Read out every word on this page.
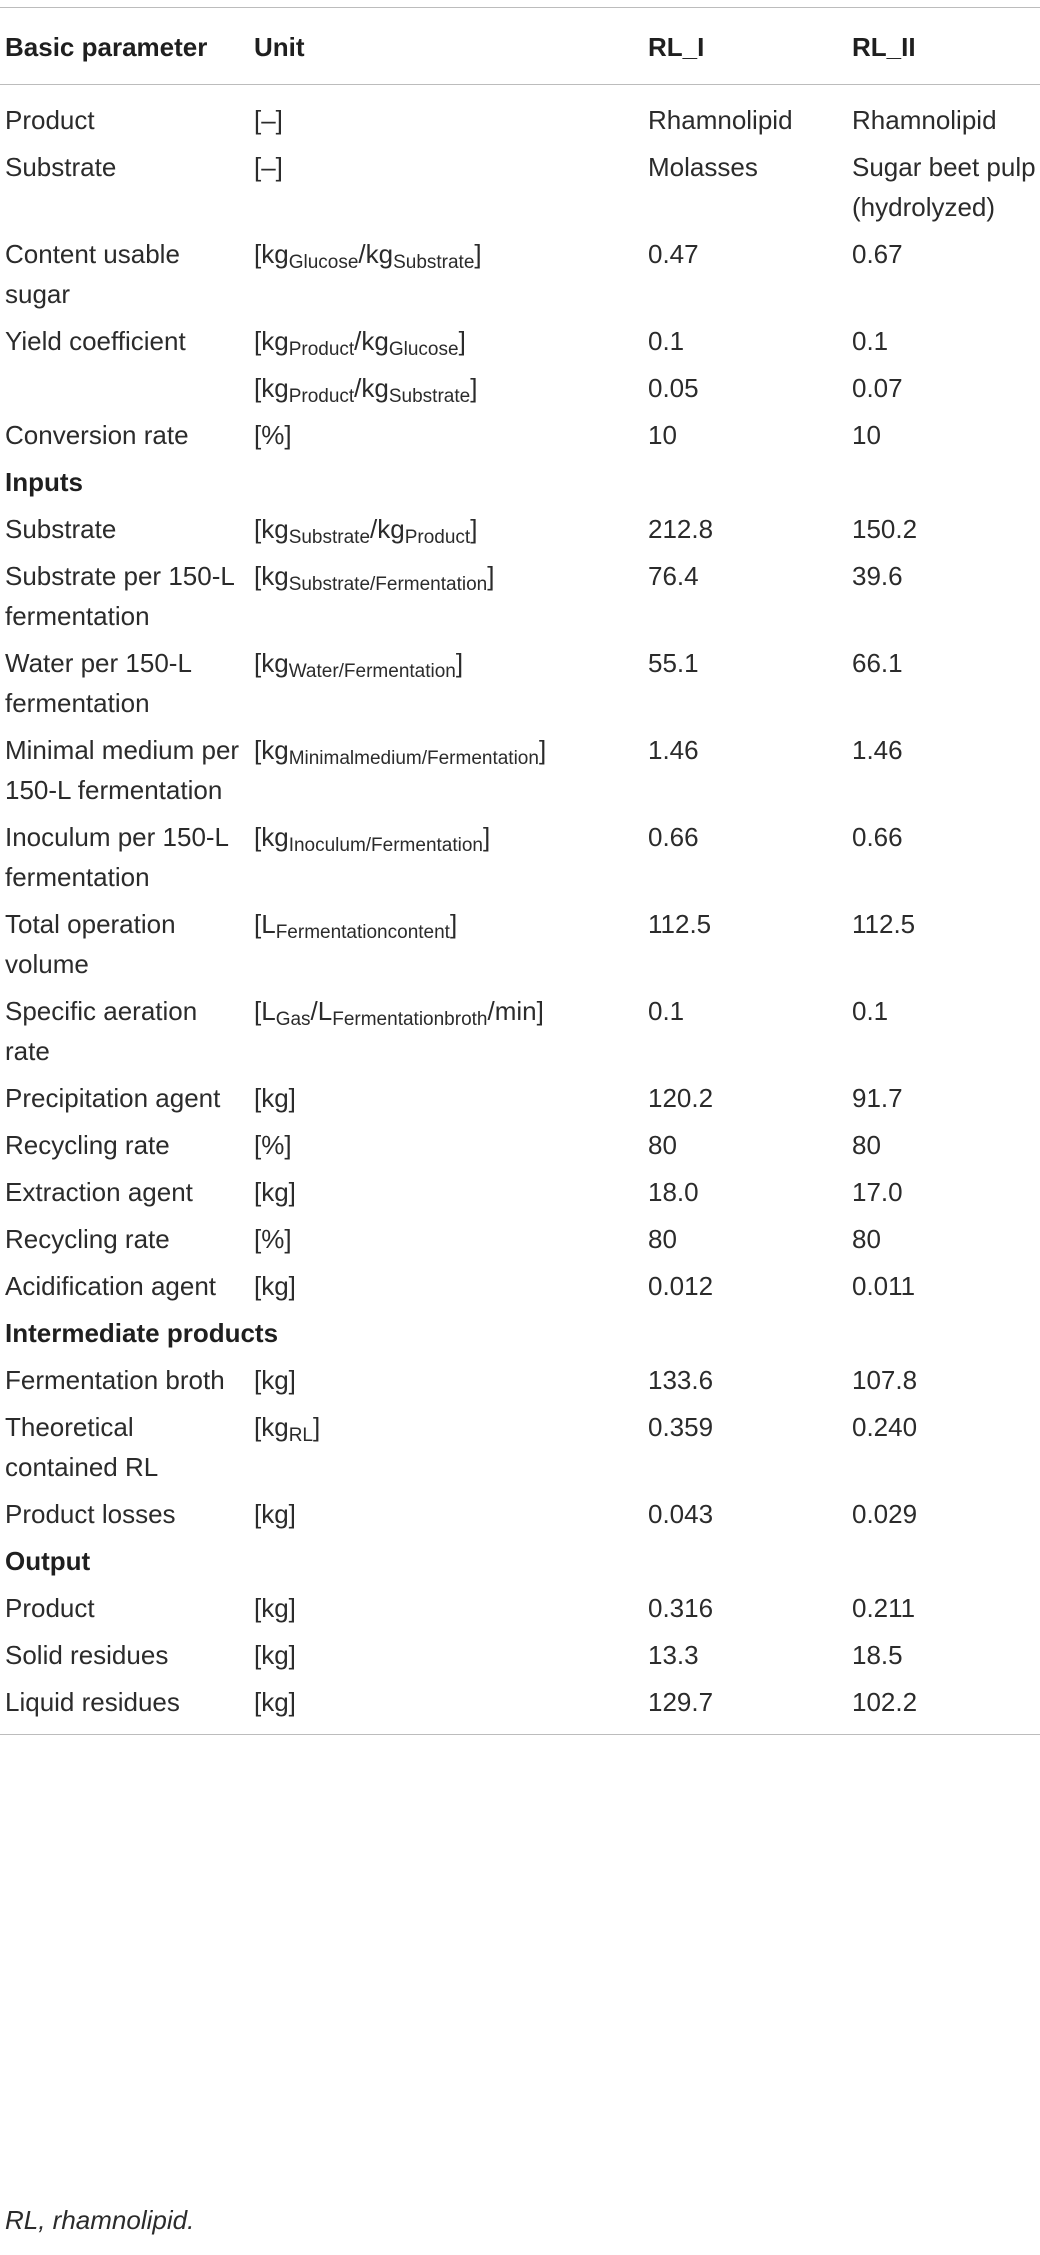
Basic parameter	Unit	RL_I	RL_II
Product	[–]	Rhamnolipid	Rhamnolipid
Substrate	[–]	Molasses	Sugar beet pulp (hydrolyzed)
Content usable sugar	$[kg_{Glucose}/kg_{Substrate}]$	0.47	0.67
Yield coefficient	$[kg_{Product}/kg_{Glucose}]$	0.1	0.1
	$[kg_{Product}/kg_{Substrate}]$	0.05	0.07
Conversion rate	[%]	10	10
Inputs			
Substrate	$[kg_{Substrate}/kg_{Product}]$	212.8	150.2
Substrate per 150-L fermentation	$[kg_{Substrate/Fermentation}]$	76.4	39.6
Water per 150-L fermentation	$[kg_{Water/Fermentation}]$	55.1	66.1
Minimal medium per 150-L fermentation	$[kg_{Minimalmedium/Fermentation}]$	1.46	1.46
Inoculum per 150-L fermentation	$[kg_{Inoculum/Fermentation}]$	0.66	0.66
Total operation volume	$[L_{Fermentationcontent}]$	112.5	112.5
Specific aeration rate	$[L_{Gas}/L_{Fermentationbroth}/\min]$	0.1	0.1
Precipitation agent	[kg]	120.2	91.7
Recycling rate	[%]	80	80
Extraction agent	[kg]	18.0	17.0
Recycling rate	[%]	80	80
Acidification agent	[kg]	0.012	0.011
Intermediate products			
Fermentation broth	[kg]	133.6	107.8
Theoretical contained RL	$[kg_{RL}]$	0.359	0.240
Product losses	[kg]	0.043	0.029
Output			
Product	[kg]	0.316	0.211
Solid residues	[kg]	13.3	18.5
Liquid residues	[kg]	129.7	102.2
RL, rhamnolipid.
